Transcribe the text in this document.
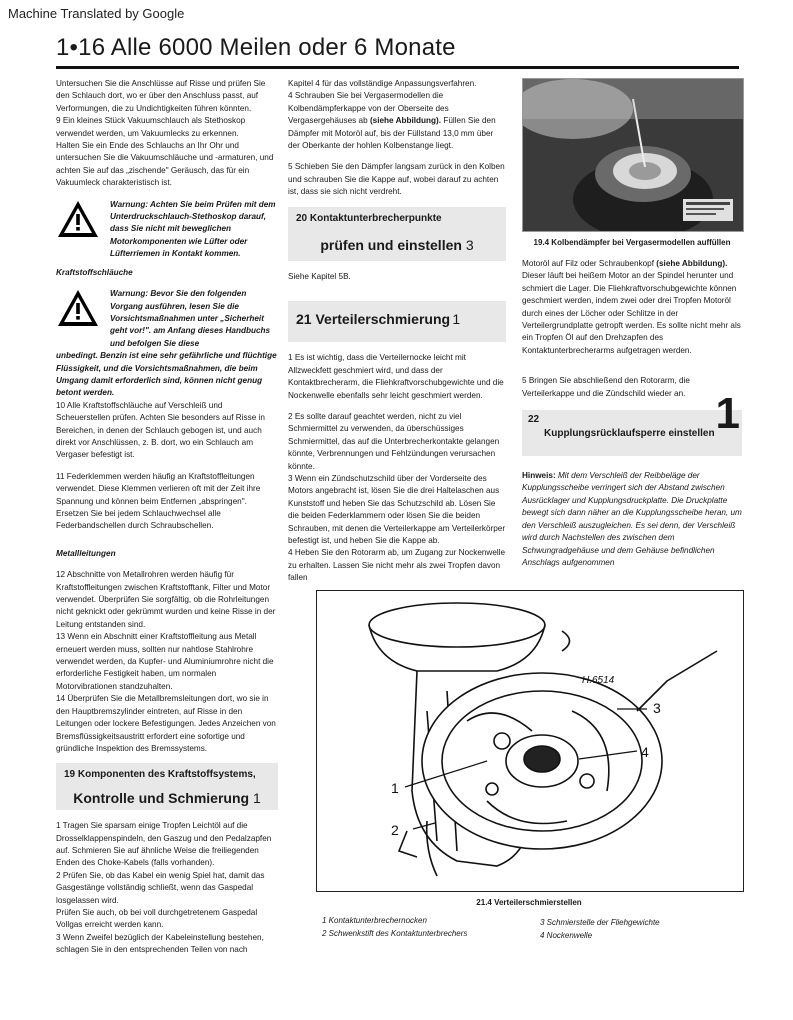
Machine Translated by Google
1•16 Alle 6000 Meilen oder 6 Monate

Untersuchen Sie die Anschlüsse auf Risse und prüfen Sie den Schlauch dort, wo er über den Anschluss passt, auf Verformungen, die zu Undichtigkeiten führen könnten.

9 Ein kleines Stück Vakuumschlauch als Stethoskop verwendet werden, um Vakuumlecks zu erkennen.

Halten Sie ein Ende des Schlauchs an Ihr Ohr und untersuchen Sie die Vakuumschläuche und -armaturen, und achten Sie auf das „zischende" Geräusch, das für ein Vakuumleck charakteristisch ist.

Warnung: Achten Sie beim Prüfen mit dem Unterdruckschlauch-Stethoskop darauf, dass Sie nicht mit beweglichen Motorkomponenten wie Lüfter oder Lüfterriemen in Kontakt kommen.

Kraftstoffschläuche

Warnung: Bevor Sie den folgenden Vorgang ausführen, lesen Sie die Vorsichtsmaßnahmen unter „Sicherheit geht vor!". am Anfang dieses Handbuchs und befolgen Sie diese

unbedingt. Benzin ist eine sehr gefährliche und flüchtige Flüssigkeit, und die Vorsichtsmaßnahmen, die beim Umgang damit erforderlich sind, können nicht genug betont werden.

10 Alle Kraftstoffschläuche auf Verschleiß und Scheuerstellen prüfen. Achten Sie besonders auf Risse in Bereichen, in denen der Schlauch gebogen ist, und auch direkt vor Anschlüssen, z. B. dort, wo ein Schlauch am Vergaser befestigt ist.

11 Federklemmen werden häufig an Kraftstoffleitungen verwendet. Diese Klemmen verlieren oft mit der Zeit ihre Spannung und können beim Entfernen „abspringen". Ersetzen Sie bei jedem Schlauchwechsel alle Federbandschellen durch Schraubschellen.

Metallleitungen

12 Abschnitte von Metallrohren werden häufig für Kraftstoffleitungen zwischen Kraftstofftank, Filter und Motor verwendet. Überprüfen Sie sorgfältig, ob die Rohrleitungen nicht geknickt oder gekrümmt wurden und keine Risse in der Leitung entstanden sind.

13 Wenn ein Abschnitt einer Kraftstoffleitung aus Metall erneuert werden muss, sollten nur nahtlose Stahlrohre verwendet werden, da Kupfer- und Aluminiumrohre nicht die erforderliche Festigkeit haben, um normalen Motorvibrationen standzuhalten.

14 Überprüfen Sie die Metallbremsleitungen dort, wo sie in den Hauptbremszylinder eintreten, auf Risse in den Leitungen oder lockere Befestigungen. Jedes Anzeichen von Bremsflüssigkeitsaustritt erfordert eine sofortige und gründliche Inspektion des Bremssystems.

19 Komponenten des Kraftstoffsystems,
Kontrolle und Schmierung 1

1 Tragen Sie sparsam einige Tropfen Leichtöl auf die Drosselklappenspindeln, den Gaszug und den Pedalzapfen auf. Schmieren Sie auf ähnliche Weise die freiliegenden Enden des Choke-Kabels (falls vorhanden).

2 Prüfen Sie, ob das Kabel ein wenig Spiel hat, damit das Gasgestänge vollständig schließt, wenn das Gaspedal losgelassen wird.

Prüfen Sie auch, ob bei voll durchgetretenem Gaspedal Vollgas erreicht werden kann.

3 Wenn Zweifel bezüglich der Kabeleinstellung bestehen, schlagen Sie in den entsprechenden Teilen von nach

Kapitel 4 für das vollständige Anpassungsverfahren.

4 Schrauben Sie bei Vergasermodellen die Kolbendämpferkappe von der Oberseite des Vergasergehäuses ab (siehe Abbildung). Füllen Sie den Dämpfer mit Motoröl auf, bis der Füllstand 13,0 mm über der Oberkante der hohlen Kolbenstange liegt.

5 Schieben Sie den Dämpfer langsam zurück in den Kolben und schrauben Sie die Kappe auf, wobei darauf zu achten ist, dass sie sich nicht verdreht.

20 Kontaktunterbrecherpunkte
prüfen und einstellen 3

Siehe Kapitel 5B.

21 Verteilerschmierung 1

1 Es ist wichtig, dass die Verteilernocke leicht mit Allzweckfett geschmiert wird, und dass der Kontaktbrecherarm, die Fliehkraftvorschubgewichte und die Nockenwelle ebenfalls sehr leicht geschmiert werden.

2 Es sollte darauf geachtet werden, nicht zu viel Schmiermittel zu verwenden, da überschüssiges Schmiermittel, das auf die Unterbrecherkontakte gelangen könnte, Verbrennungen und Fehlzündungen verursachen könnte.

3 Wenn ein Zündschutzschild über der Vorderseite des Motors angebracht ist, lösen Sie die drei Haltelaschen aus Kunststoff und heben Sie das Schutzschild ab. Lösen Sie die beiden Federklammern oder lösen Sie die beiden Schrauben, mit denen die Verteilerkappe am Verteilerkörper befestigt ist, und heben Sie die Kappe ab.

4 Heben Sie den Rotorarm ab, um Zugang zur Nockenwelle zu erhalten. Lassen Sie nicht mehr als zwei Tropfen davon fallen

19.4 Kolbendämpfer bei Vergasermodellen auffüllen

Motoröl auf Filz oder Schraubenkopf (siehe Abbildung). Dieser läuft bei heißem Motor an der Spindel herunter und schmiert die Lager. Die Fliehkraftvorschubgewichte können geschmiert werden, indem zwei oder drei Tropfen Motoröl durch eines der Löcher oder Schlitze in der Verteilergrundplatte getropft werden. Es sollte nicht mehr als ein Tropfen Öl auf den Drehzapfen des Kontaktunterbrecherarms aufgetragen werden.

5 Bringen Sie abschließend den Rotorarm, die Verteilerkappe und die Zündschild wieder an.

22
Kupplungsrücklaufsperre einstellen 1

Hinweis: Mit dem Verschleiß der Reibbeläge der Kupplungsscheibe verringert sich der Abstand zwischen Ausrücklager und Kupplungsdruckplatte. Die Druckplatte bewegt sich dann näher an die Kupplungsscheibe heran, um den Verschleiß auszugleichen. Es sei denn, der Verschleiß wird durch Nachstellen des zwischen dem Schwungradgehäuse und dem Gehäuse befindlichen Anschlags aufgenommen

H.6514
3
4
1
2
21.4 Verteilerschmierstellen
1 Kontaktunterbrechernocken
2 Schwenkstift des Kontaktunterbrechers
3 Schmierstelle der Fliehgewichte
4 Nockenwelle
